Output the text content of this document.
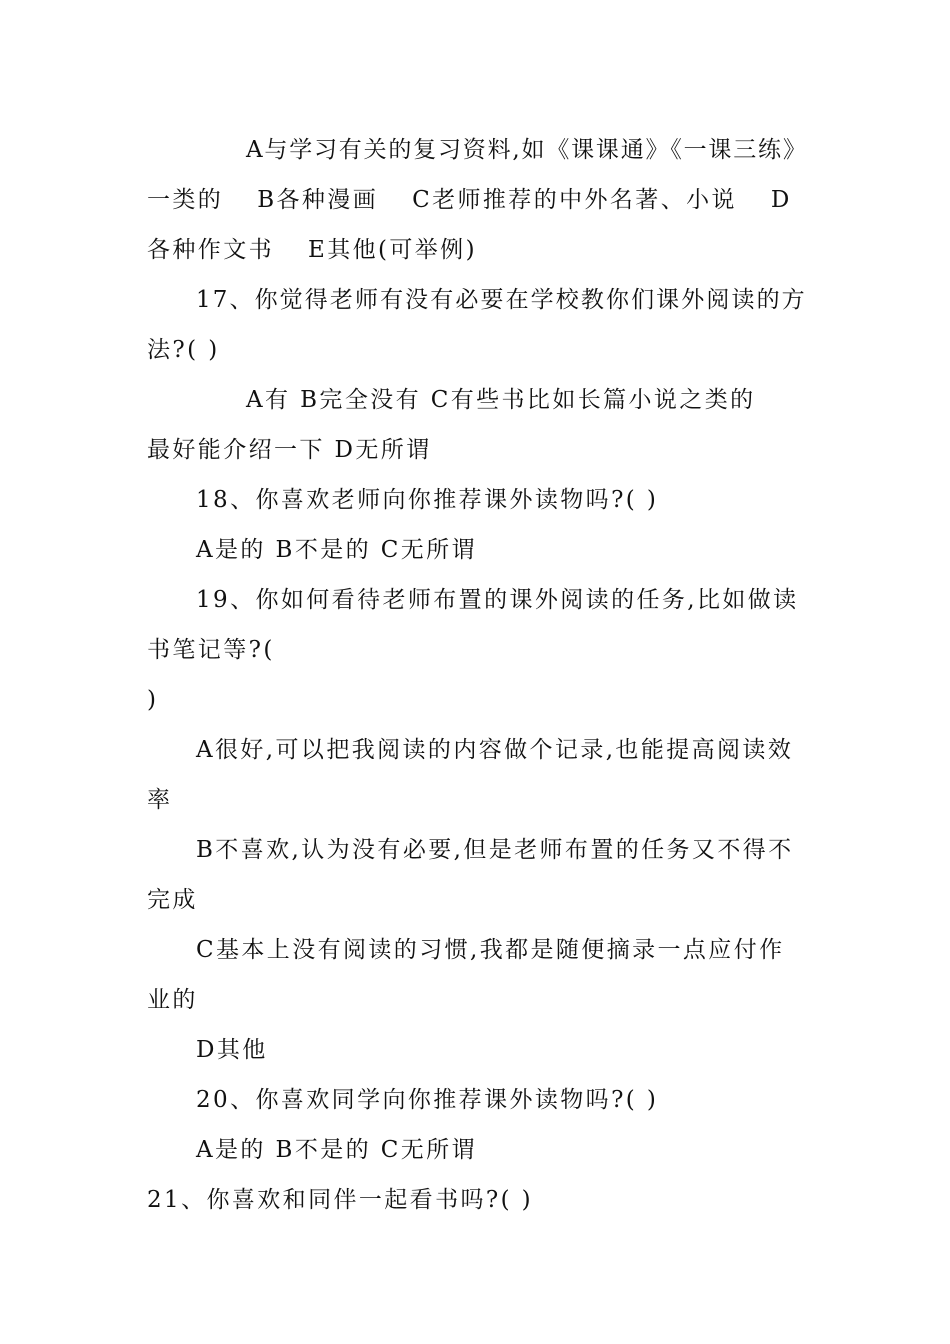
A与学习有关的复习资料,如《课课通》《一课三练》
一类的 B各种漫画 C老师推荐的中外名著、小说 D
各种作文书 E其他(可举例)
17、你觉得老师有没有必要在学校教你们课外阅读的方
法?( )
A有 B完全没有 C有些书比如长篇小说之类的
最好能介绍一下 D无所谓
18、你喜欢老师向你推荐课外读物吗?( )
A是的 B不是的 C无所谓
19、你如何看待老师布置的课外阅读的任务,比如做读
书笔记等?(
)
A很好,可以把我阅读的内容做个记录,也能提高阅读效
率
B不喜欢,认为没有必要,但是老师布置的任务又不得不
完成
C基本上没有阅读的习惯,我都是随便摘录一点应付作
业的
D其他
20、你喜欢同学向你推荐课外读物吗?( )
A是的 B不是的 C无所谓
21、你喜欢和同伴一起看书吗?( )
